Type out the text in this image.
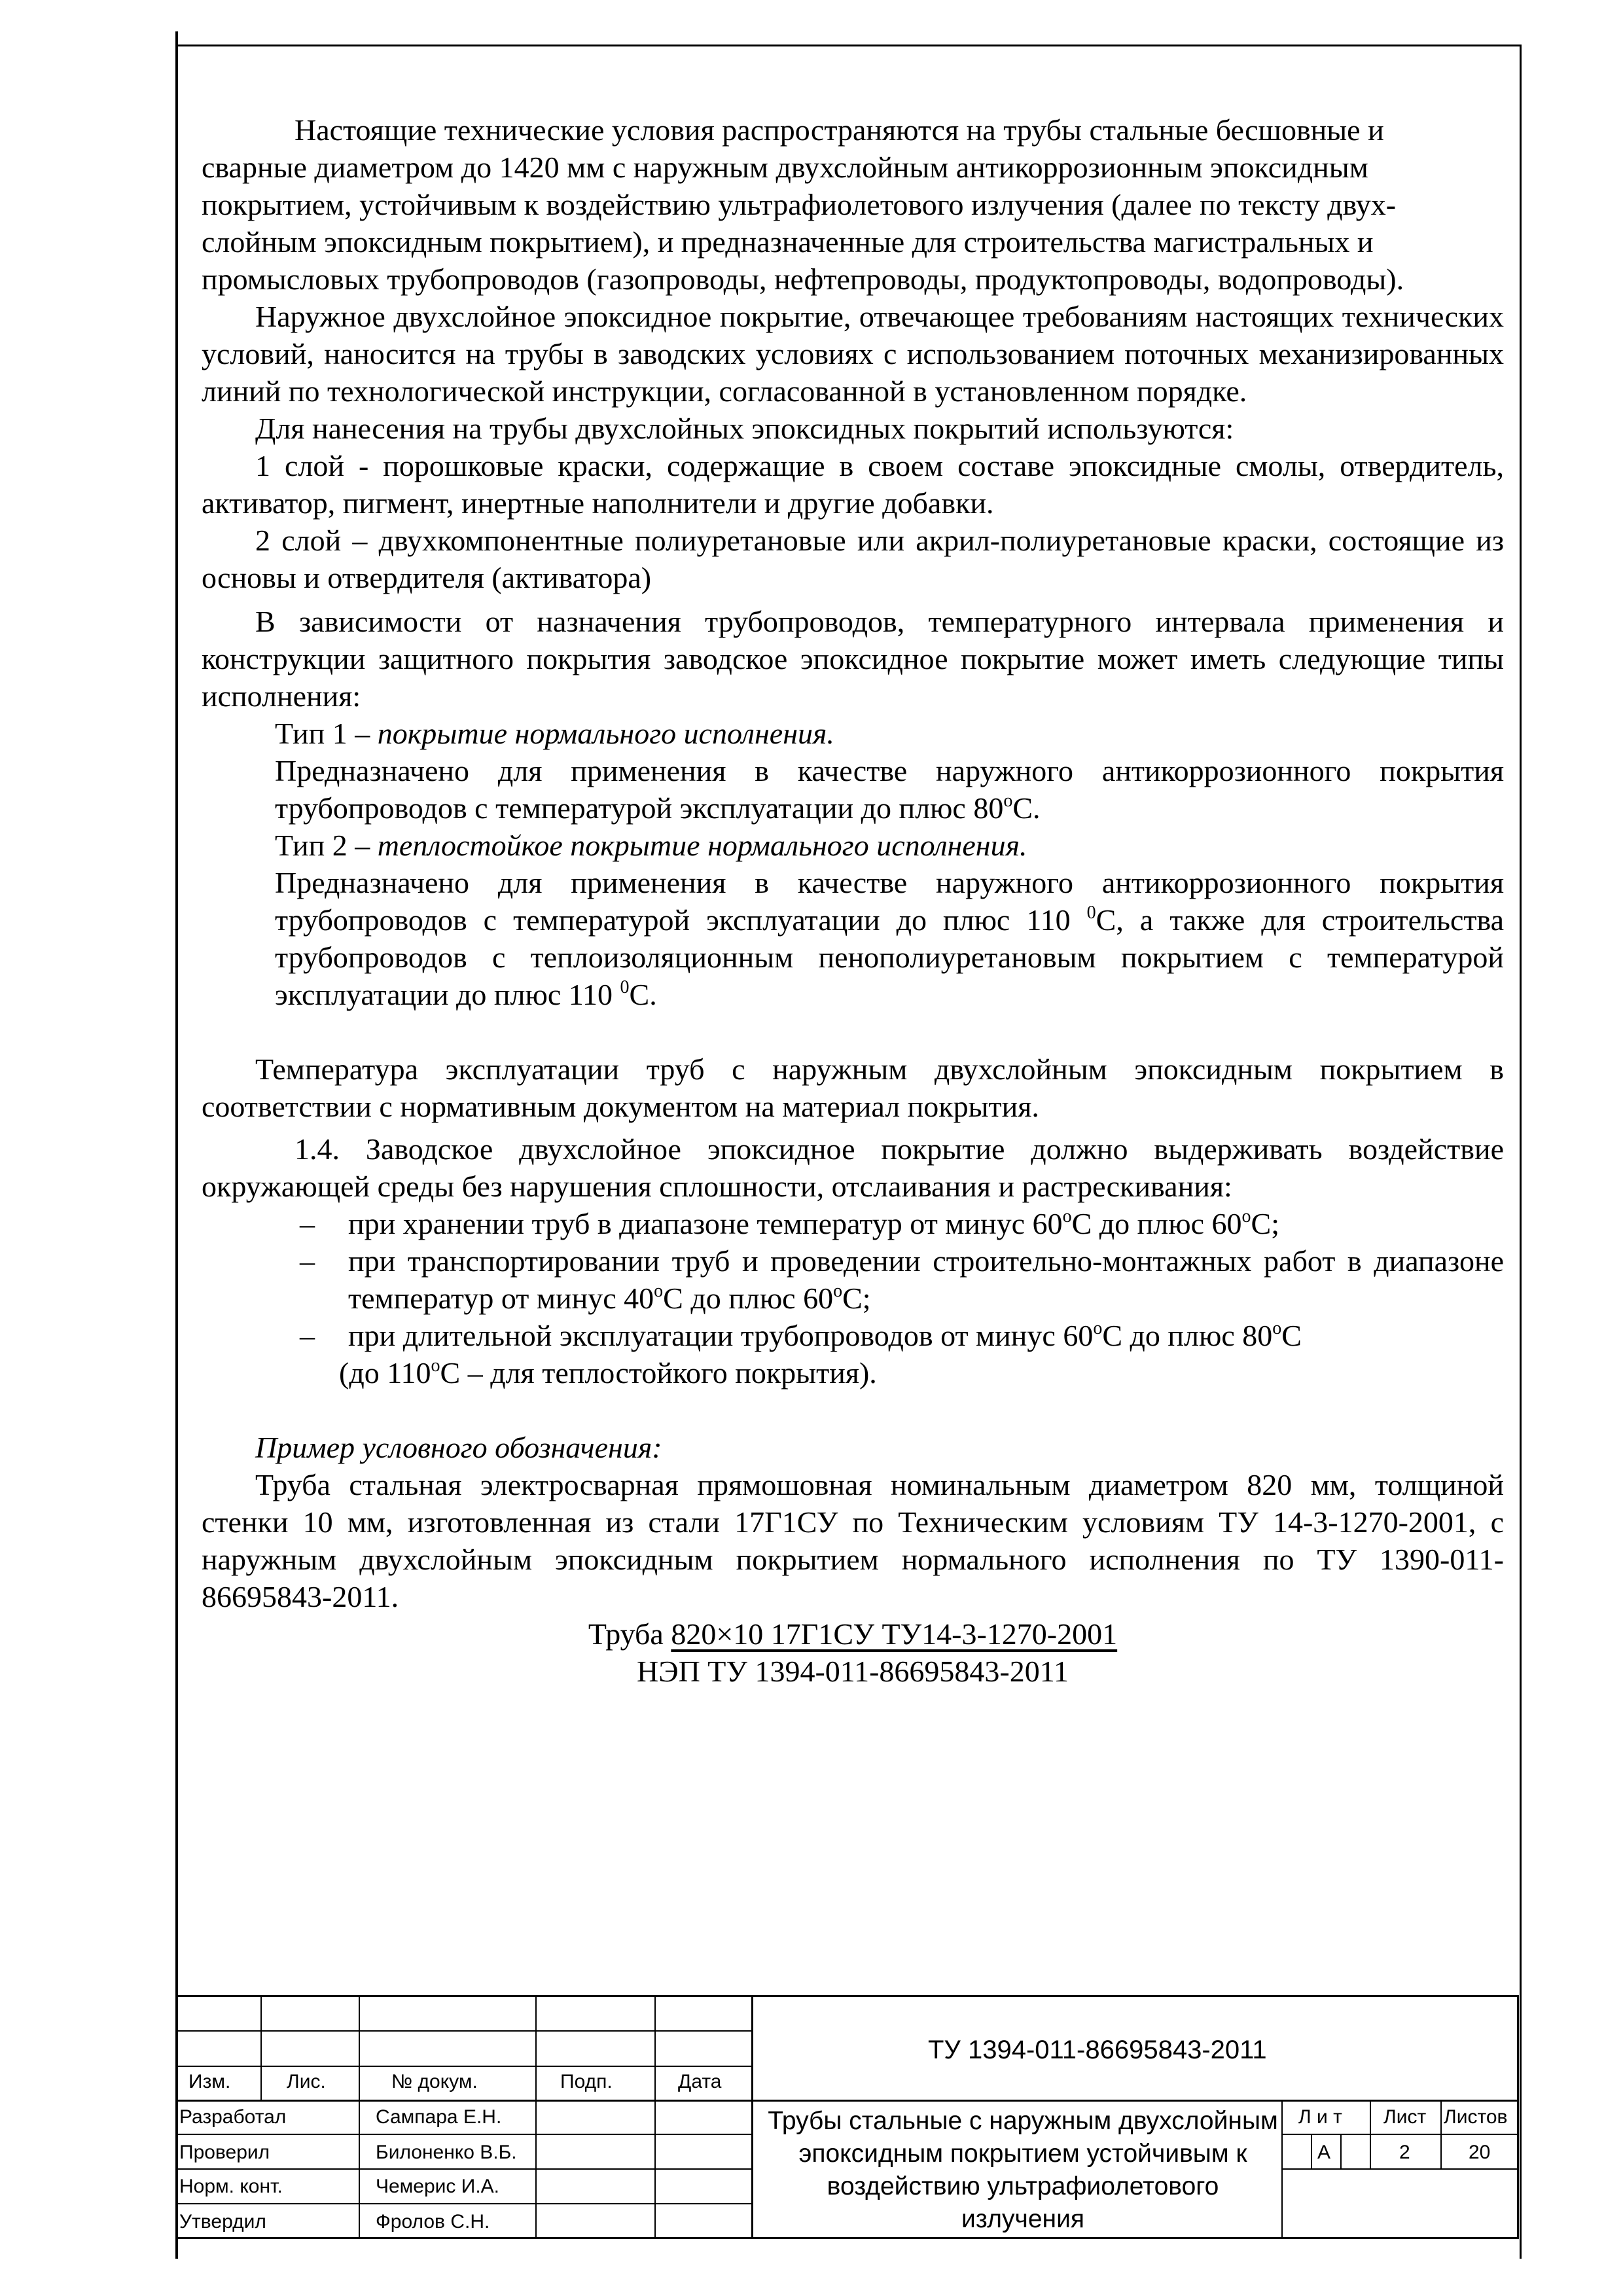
Настоящие технические условия распространяются на трубы стальные бесшовные и

сварные диаметром до 1420 мм с наружным двухслойным антикоррозионным эпоксидным

покрытием, устойчивым к воздействию ультрафиолетового излучения (далее по тексту двух-

слойным эпоксидным покрытием), и предназначенные для строительства магистральных и

промысловых трубопроводов (газопроводы, нефтепроводы, продуктопроводы, водопроводы).

Наружное двухслойное эпоксидное покрытие, отвечающее требованиям настоящих технических условий, наносится на трубы в заводских условиях с использованием поточных механизированных линий по технологической инструкции, согласованной в установленном порядке.

Для нанесения на трубы двухслойных эпоксидных покрытий используются:

1 слой - порошковые краски, содержащие в своем составе эпоксидные смолы, отвердитель, активатор, пигмент, инертные наполнители и другие добавки.

2 слой – двухкомпонентные полиуретановые или акрил-полиуретановые краски, состоящие из основы и отвердителя (активатора)

В зависимости от назначения трубопроводов, температурного интервала применения и конструкции защитного покрытия заводское эпоксидное покрытие может иметь следующие типы исполнения:

Тип 1 – покрытие нормального исполнения.

Предназначено для применения в качестве наружного антикоррозионного покрытия трубопроводов с температурой эксплуатации до плюс $80^оС$.

Тип 2 – теплостойкое покрытие нормального исполнения.

Предназначено для применения в качестве наружного антикоррозионного покрытия трубопроводов с температурой эксплуатации до плюс 110 $^0$С, а также для строительства трубопроводов с теплоизоляционным пенополиуретановым покрытием с температурой эксплуатации до плюс 110 $^0$С.

Температура эксплуатации труб с наружным двухслойным эпоксидным покрытием в соответствии с нормативным документом на материал покрытия.

1.4. Заводское двухслойное эпоксидное покрытие должно выдерживать воздействие окружающей среды без нарушения сплошности, отслаивания и растрескивания:

– при хранении труб в диапазоне температур от минус $60^оС$ до плюс $60^оС$;

– при транспортировании труб и проведении строительно-монтажных работ в диапазоне температур от минус $40^оС$ до плюс $60^оС$;

– при длительной эксплуатации трубопроводов от минус $60^оС$ до плюс $80^оС$

(до $110^оС$ – для теплостойкого покрытия).

Пример условного обозначения:

Труба стальная электросварная прямошовная номинальным диаметром 820 мм, толщиной стенки 10 мм, изготовленная из стали 17Г1СУ по Техническим условиям ТУ 14-3-1270-2001, с наружным двухслойным эпоксидным покрытием нормального исполнения по ТУ 1390-011-86695843-2011.

Труба 820×10 17Г1СУ ТУ14-3-1270-2001

НЭП ТУ 1394-011-86695843-2011

Изм.	Лис.	№ докум.	Подп.	Дата
ТУ 1394-011-86695843-2011
Разработал	Сампара Е.Н.
Проверил	Билоненко В.Б.
Норм. конт.	Чемерис И.А.
Утвердил	Фролов С.Н.
Трубы стальные с наружным двухслойным эпоксидным покрытием устойчивым к воздействию ультрафиолетового излучения
Л и т Лист Листов
А	2	20
